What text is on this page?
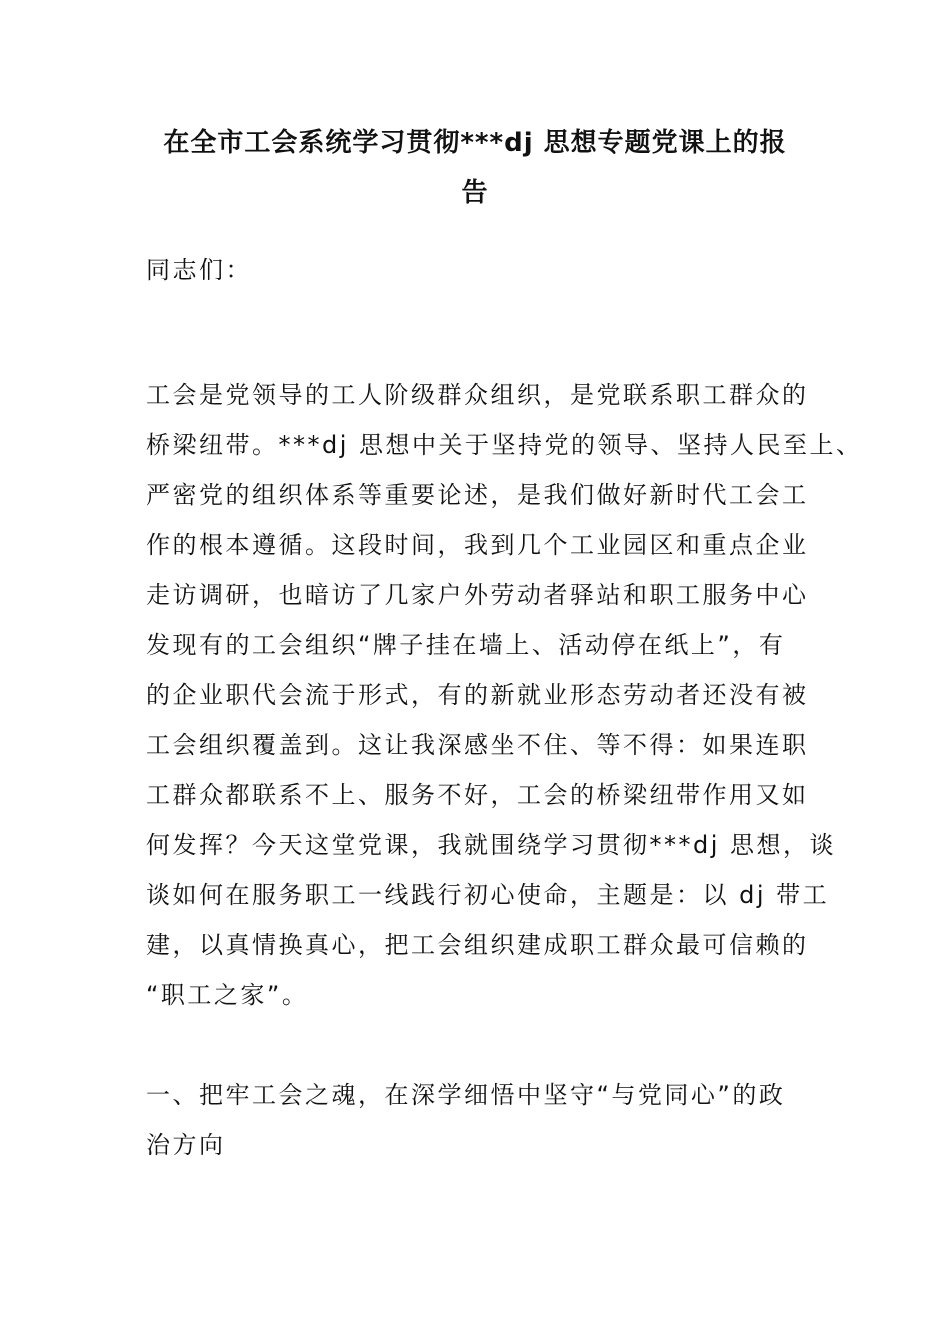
在全市工会系统学习贯彻***dj 思想专题党课上的报
告
同志们：
工会是党领导的工人阶级群众组织，是党联系职工群众的
桥梁纽带。***dj 思想中关于坚持党的领导、坚持人民至上、
严密党的组织体系等重要论述，是我们做好新时代工会工
作的根本遵循。这段时间，我到几个工业园区和重点企业
走访调研，也暗访了几家户外劳动者驿站和职工服务中心
发现有的工会组织“牌子挂在墙上、活动停在纸上”，有
的企业职代会流于形式，有的新就业形态劳动者还没有被
工会组织覆盖到。这让我深感坐不住、等不得：如果连职
工群众都联系不上、服务不好，工会的桥梁纽带作用又如
何发挥？今天这堂党课，我就围绕学习贯彻***dj 思想，谈
谈如何在服务职工一线践行初心使命，主题是：以 dj 带工
建，以真情换真心，把工会组织建成职工群众最可信赖的
“职工之家”。
一、把牢工会之魂，在深学细悟中坚守“与党同心”的政
治方向
